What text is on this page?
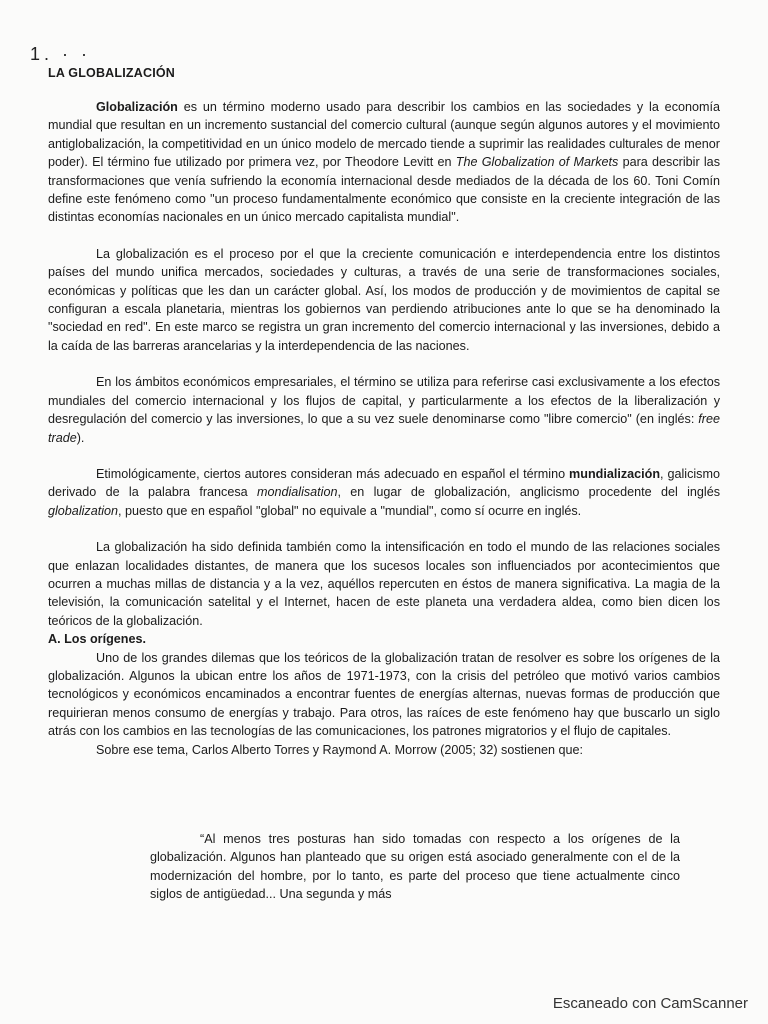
1. · ·
LA GLOBALIZACIÓN

Globalización es un término moderno usado para describir los cambios en las sociedades y la economía mundial que resultan en un incremento sustancial del comercio cultural (aunque según algunos autores y el movimiento antiglobalización, la competitividad en un único modelo de mercado tiende a suprimir las realidades culturales de menor poder). El término fue utilizado por primera vez, por Theodore Levitt en The Globalization of Markets para describir las transformaciones que venía sufriendo la economía internacional desde mediados de la década de los 60. Toni Comín define este fenómeno como "un proceso fundamentalmente económico que consiste en la creciente integración de las distintas economías nacionales en un único mercado capitalista mundial".

La globalización es el proceso por el que la creciente comunicación e interdependencia entre los distintos países del mundo unifica mercados, sociedades y culturas, a través de una serie de transformaciones sociales, económicas y políticas que les dan un carácter global. Así, los modos de producción y de movimientos de capital se configuran a escala planetaria, mientras los gobiernos van perdiendo atribuciones ante lo que se ha denominado la "sociedad en red". En este marco se registra un gran incremento del comercio internacional y las inversiones, debido a la caída de las barreras arancelarias y la interdependencia de las naciones.

En los ámbitos económicos empresariales, el término se utiliza para referirse casi exclusivamente a los efectos mundiales del comercio internacional y los flujos de capital, y particularmente a los efectos de la liberalización y desregulación del comercio y las inversiones, lo que a su vez suele denominarse como "libre comercio" (en inglés: free trade).

Etimológicamente, ciertos autores consideran más adecuado en español el término mundialización, galicismo derivado de la palabra francesa mondialisation, en lugar de globalización, anglicismo procedente del inglés globalization, puesto que en español "global" no equivale a "mundial", como sí ocurre en inglés.

La globalización ha sido definida también como la intensificación en todo el mundo de las relaciones sociales que enlazan localidades distantes, de manera que los sucesos locales son influenciados por acontecimientos que ocurren a muchas millas de distancia y a la vez, aquéllos repercuten en éstos de manera significativa. La magia de la televisión, la comunicación satelital y el Internet, hacen de este planeta una verdadera aldea, como bien dicen los teóricos de la globalización.

A. Los orígenes.

Uno de los grandes dilemas que los teóricos de la globalización tratan de resolver es sobre los orígenes de la globalización. Algunos la ubican entre los años de 1971-1973, con la crisis del petróleo que motivó varios cambios tecnológicos y económicos encaminados a encontrar fuentes de energías alternas, nuevas formas de producción que requirieran menos consumo de energías y trabajo. Para otros, las raíces de este fenómeno hay que buscarlo un siglo atrás con los cambios en las tecnologías de las comunicaciones, los patrones migratorios y el flujo de capitales.

Sobre ese tema, Carlos Alberto Torres y Raymond A. Morrow (2005; 32) sostienen que:

“Al menos tres posturas han sido tomadas con respecto a los orígenes de la globalización. Algunos han planteado que su origen está asociado generalmente con el de la modernización del hombre, por lo tanto, es parte del proceso que tiene actualmente cinco siglos de antigüedad... Una segunda y más

Escaneado con CamScanner
